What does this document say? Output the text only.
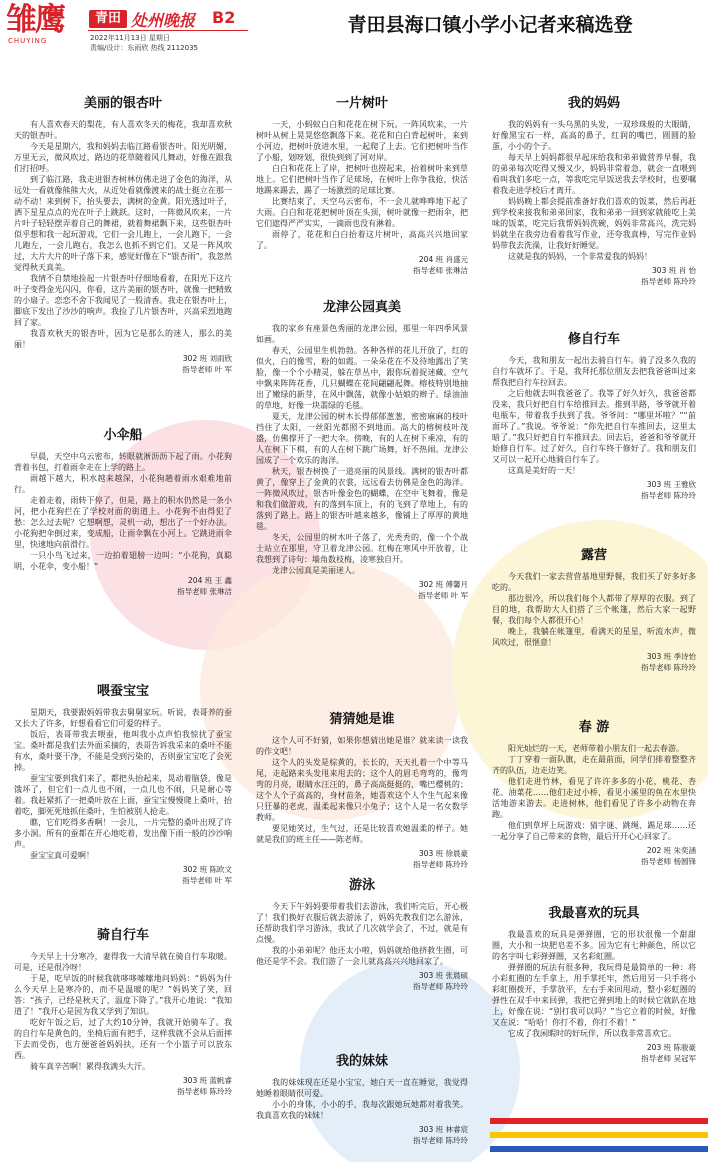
雏鹰
CHUYING
青田 处州晚报 B2
2022年11月13日 星期日
责编/设计：东雨欣 热线 2112035
青田县海口镇小学小记者来稿选登
美丽的银杏叶

有人喜欢春天的梨花，有人喜欢冬天的梅花，我却喜欢秋天的银杏叶。

今天是星期六，我和妈妈去临江路看银杏叶。阳光明媚，万里无云，微风吹过，路边的花草随着风儿舞动，好像在跟我们打招呼。

到了临江路，我走进银杏树林仿佛走进了金色的海洋，从远处一看就像熊熊大火，从近处看就像渡来的战士挺立在那一动不动！来到树下，抬头要去，满树的金黄。阳光透过叶子，洒下星星点点的光在叶子上跳跃。这时，一阵微风吹来，一片片叶子轻轻摆弄着自己的舞裙，就着舞裙飘下来，这些银杏叶似乎想和我一起玩游戏，它们一会儿跑上，一会儿跑下，一会儿跑左，一会儿跑右，我怎么也抓不到它们。又是一阵风吹过，大片大片的叶子落下来，感觉好像在下“银杏雨”，我忽然觉得秋天真美。

我情不自禁地捡起一片银杏叶仔细地看着，在阳光下这片叶子变得金光闪闪，你看，这片美丽的银杏叶，就像一把精致的小扇子。恋恋不舍下我闻见了一股清香。我走在银杏叶上，脚底下发出了沙沙的响声。我捡了几片银杏叶，兴高采烈地跑回了家。

我喜欢秋天的银杏叶，因为它是那么的迷人，那么的美丽！

302 班 刘雨欣
指导老师 叶 军
小伞船

早晨，天空中乌云密布，转眼就淅沥沥下起了雨。小花狗背着书包，打着雨伞走在上学的路上。

雨越下越大，积水越来越深，小花狗趟着雨水艰难地前行。

走着走着，雨转下停了，但是，路上的积水仍然是一条小河，把小花狗拦在了学校对面的街道上。小花狗不由得犯了愁：怎么过去呢？它想啊想，灵机一动，想出了一个好办法。小花狗把伞倒过来，变成船，让雨伞飘在小河上。它跳进雨伞里，快速地向前滑行。

一只小鸟飞过来，一边拍着翅膀一边叫：“小花狗，真聪明，小花伞，变小船！”

204 班 王 鑫
指导老师 张琳洁
喂蚕宝宝

星期天，我要跟妈妈带我去舅舅家玩。听说，表哥养的蚕又长大了许多，好想看看它们可爱的样子。

饭后，表哥带我去喂蚕，他叫我小点声怕我惊扰了蚕宝宝。桑叶都是我们去外面采摘的，表哥告诉我采来的桑叶不能有水，桑叶要干净，不能是受到污染的，否则蚕宝宝吃了会死掉。

蚕宝宝要到我们来了，都把头抬起来，晃动着脑袋，像是饿坏了，但它们一点儿也不闹，一点儿也不闹，只是耐心等着。我赶紧抓了一把桑叶放在上面，蚕宝宝慢慢爬上桑叶，抬着吃，脚死死地抓住桑叶，生怕被别人抢走。

瞧，它们吃得多香啊！一会儿，一片完整的桑叶出现了许多小洞。所有的蚕都在开心地吃着，发出像下雨一般的沙沙响声。

蚕宝宝真可爱啊！

302 班 陈欧文
指导老师 叶 军
骑自行车

今天早上十分寒冷，妻得我一大清早就在骑自行车取暖。可是，还是很冷呀！

于是，吃早饭的时候我就哆哆嗦嗦地问妈妈：“妈妈为什么今天早上是寒冷的，而不是温暖的呢？”妈妈笑了笑，回答：“孩子，已经是秋天了，温度下降了。”我开心地说：“我知道了！”我开心是因为我又学到了知识。

吃好午饭之后，过了大约10分钟，我就开始骑车了。我的自行车是黄色的，坐椅后面有把手，这样我就不会从后面摔下去而受伤，也方便爸爸妈妈扶，还有一个小篮子可以放东西。

骑车真辛苦啊！累得我满头大汗。

303 班 蓝帆睿
指导老师 陈玲玲
一片树叶

一天，小蚂蚁白白和花花在树下玩。一阵风吹来，一片树叶从树上晃晃悠悠飘落下来。花花和白白背起树叶，来到小河边，把树叶放进水里，一起爬了上去。它们把树叶当作了小船，划呀划，很快到到了河对岸。

白白和花花上了岸，把树叶也捞起来，抬着树叶来到草地上。它们把树叶当作了足球场，在树叶上你争我抢，快活地踢来踢去，踢了一场激烈的足球比赛。

比赛结束了，天空乌云密布，不一会儿就哗哗地下起了大雨。白白和花花把树叶顶在头顶，树叶就像一把雨伞，把它们遮得严严实实，一滴雨也没有淋着。

雨停了，花花和白白抬着这片树叶，高高兴兴地回家了。

204 班 肖盛元
指导老师 张琳洁
龙津公园真美

我的家乡有座景色秀丽的龙津公园，那里一年四季风景如画。

春天，公园里生机勃勃。各种各样的花儿开放了，红的似火，白的像雪，粉的如霞。一朵朵花在不及待地露出了笑脸，像一个个小精灵，躲在草丛中，跟你玩着捉迷藏。空气中飘来阵阵花香，几只蝴蝶在花间翩翩起舞。榕枝特别地抽出了嫩绿的新芽，在风中飘荡，就像小姑娘的辫子。绿油油的草地，好像一块翡绿的毛毯。

夏天，龙津公园的树木长得郁郁葱葱，密密麻麻的枝叶挡住了太阳，一丝阳光都照不到地面。高大的榕树枝叶茂盛，仿佛撑开了一把大伞。傍晚，有的人在树下乘凉，有的人在树下下棋，有的人在树下跳广场舞，好不热闹。龙津公园成了一个欢乐的海洋。

秋天，银杏树换了一道亮丽的风景线。满树的银杏叶都黄了，像穿上了金黄的衣裳，远远看去仿佛是金色的海洋。一阵微风吹过，银杏叶像金色的蝴蝶，在空中飞舞着，像是和我们做游戏，有的落到车顶上，有的飞到了草地上，有的落到了路上。路上的银杏叶越来越多，像铺上了厚厚的黄地毯。

冬天，公园里的树木叶子落了，光秃秃的，像一个个战士站立在那里，守卫着龙津公园。红梅在寒风中开放着，让我想到了诗句：墙角数枝梅，凌寒独自开。

龙津公园真是美丽迷人。

302 班 傅馨月
指导老师 叶 军
猜猜她是谁

这个人可不好猜，如果你想猜出她是谁？就来读一读我的作文吧！

这个人的头发是棕黄的，长长的，天天扎着一个中等马尾，走起路来头发甩来甩去的；这个人的眉毛弯弯的，像弯弯的月亮，眼睛水汪汪的，鼻子高高挺挺的，嘴巴樱桃的；这个人个子高高的，身材苗条，她喜欢这个人个生气起来像只狂暴的老虎，温柔起来像只小兔子；这个人是一名女数学教师。

要见她笑过，生气过，还是比较喜欢她温柔的样子。她就是我们的班主任——陈老师。

303 班 徐晨豪
指导老师 陈玲玲
游泳

今天下午妈妈要带着我们去游泳，我们听完后，开心极了！我们换好衣服后就去游泳了，妈妈先教我们怎么游泳，还帮助我们学习游泳，我试了几次就学会了，不过，就是有点慢。

我的小弟弟呢？他还太小啦，妈妈就给他挤救生圈，可他还是学不会。我们游了一会儿就高高兴兴地回家了。

303 班 张晨硕
指导老师 陈玲玲
我的妹妹

我的妹妹现在还是小宝宝，她白天一直在睡觉，我觉得她睡着眼睛很可爱。

小小的身体，小小的手，我每次跟她玩她都对着我笑。我真喜欢我的妹妹！

303 班 林睿宸
指导老师 陈玲玲
我的妈妈

我的妈妈有一头乌黑的头发，一双珍珠般的大眼睛，好像黑宝石一样，高高的鼻子，红润的嘴巴，圆圆的脸蛋，小小的个子。

每天早上妈妈都很早起床给我和弟弟做营养早餐，我的弟弟每次吃得又慢又少，妈妈非常着急，就会一直喂到看叫我们多吃一点，等我吃完早饭送我去学校时，也要嘱着我走进学校后才离开。

妈妈晚上都会提前准备好我们喜欢的饭菜，然后再赶到学校来接我和弟弟回家，我和弟弟一回到家就能吃上美味的饭菜，吃完后我帮妈妈洗碗，妈妈非常高兴，洗完妈妈就坐在我旁边看着我写作业，还夸我真棒，写完作业妈妈带我去洗澡，让我好好睡觉。

这就是我的妈妈，一个非常爱我的妈妈！

303 班 肖 怡
指导老师 陈玲玲
修自行车

今天，我和朋友一起出去骑自行车。骑了没多久我的自行车就坏了。于是，我拜托那位朋友去把我爸爸叫过来帮我把自行车拉回去。

之后他就去叫我爸爸了。我等了好久好久，我爸爸都没来，我只好把自行车给推回去。推到半路，爷爷就开着电瓶车，带着我手扶到了我。爷爷问：“哪里坏啦？”“前面坏了。”我说。爷爷说：“你先把自行车推回去，这里太暗了。”我只好把自行车推回去。回去后，爸爸和爷爷就开始修自行车。过了好久，自行车终于修好了。我和朋友们又可以一起开心地骑自行车了。

这真是美好的一天！

303 班 王雅欣
指导老师 陈玲玲
露营

今天我们一家去营营基地里野餐，我们买了好多好多吃的。

那边很冷，所以我们每个人都带了厚厚的衣服。到了目的地，我帮助大人们搭了三个帐篷，然后大家一起野餐，我们每个人都很开心！

晚上，我躺在帐篷里，看满天的星星，听流水声，微风吹过，很惬意！

303 班 季诗怡
指导老师 陈玲玲
春 游

阳光灿烂的一天，老师带着小朋友们一起去春游。

丁丁穿着一面队旗，走在最前面，同学们排着整整齐齐的队伍，边走边笑。

他们走进竹林，看见了许许多多的小花，桃花、杏花、油菜花……他们走过小桥，看见小溪里的鱼在水里快活地游来游去。走进树林，他们看见了许多小动物在奔跑。

他们到草坪上玩游戏：猜字谜、跳绳、踢足球……还一起分享了自己带来的食物，最后开开心心回家了。

202 班 朱奕涵
指导老师 杨圆锋
我最喜欢的玩具

我最喜欢的玩具是弹弹圈，它的形状很像一个甜甜圈，大小和一块肥皂差不多。因为它有七种颜色，所以它的名字叫七彩弹弹圈，又名彩虹圈。

弹弹圈的玩法有很多种，我玩得是最简单的一种：将小彩虹圈的左手拿上，用手掌托牢，然后用另一只手将小彩虹圈拨开，手掌放平，左右手来回甩动，整小彩虹圈的弹性在双手中来回弹，我把它弹到地上的时候它就趴在地上，好像在说：“别打我可以吗？”当它立着的时候，好像又在说：“哈哈！你打不着，你打不着！”

它成了我闲暇时的好玩伴，所以我非常喜欢它。

203 班 陈骏豪
指导老师 吴冠军
